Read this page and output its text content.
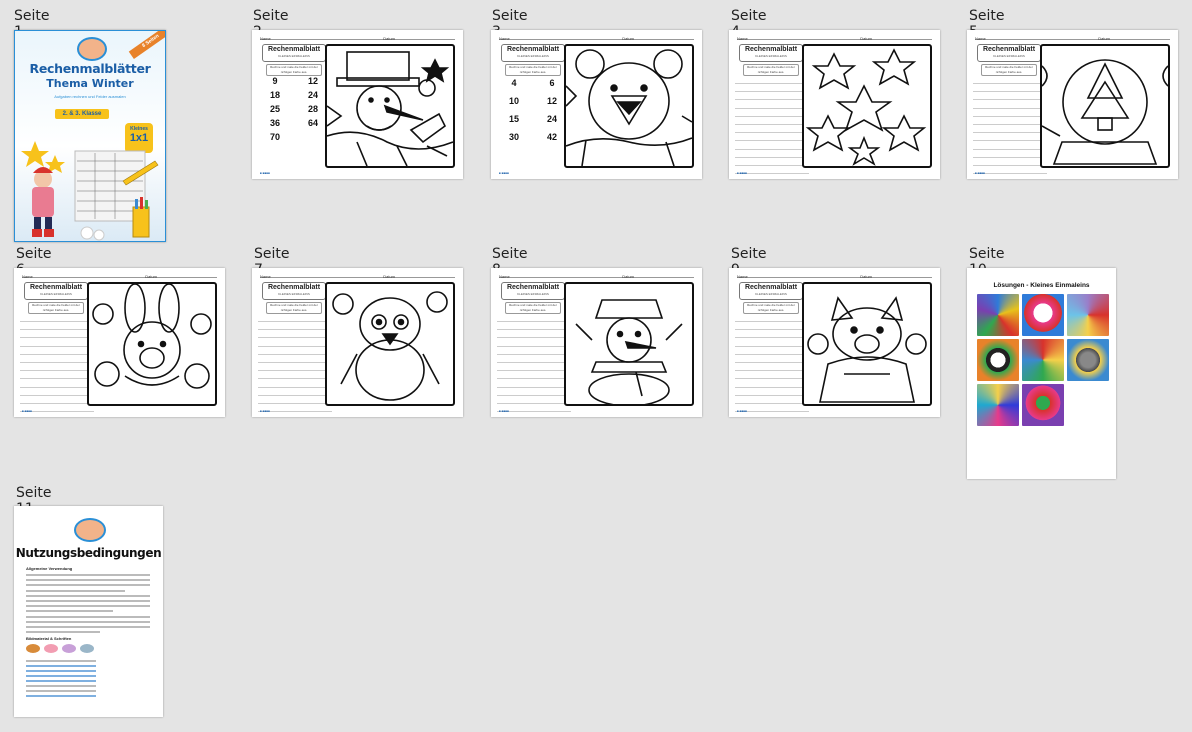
Seite
8 Seiten
Rechenmalblätter
Thema Winter
Aufgaben rechnen und Felder ausmalen
2. & 3. Klasse
Kleines
1x1
Seite
Name	Datum
Rechenmalblatt
KLEINES EINMALEINS
Rechne und male die Felder mit der richtigen Farbe aus.
9	12
18	24
25	28
36	64
70
■ ■■■■
Seite
Name	Datum
Rechenmalblatt
KLEINES EINMALEINS
Rechne und male die Felder mit der richtigen Farbe aus.
4	6
10	12
15	24
30	42
■ ■■■■
Seite
Name	Datum
Rechenmalblatt
KLEINES EINMALEINS
Rechne und male die Felder mit der richtigen Farbe aus.
■ ■■■■
Seite
Name	Datum
Rechenmalblatt
KLEINES EINMALEINS
Rechne und male die Felder mit der richtigen Farbe aus.
■ ■■■■
Seite
Name	Datum
Rechenmalblatt
KLEINES EINMALEINS
Rechne und male die Felder mit der richtigen Farbe aus.
■ ■■■■
Seite
Name	Datum
Rechenmalblatt
KLEINES EINMALEINS
Rechne und male die Felder mit der richtigen Farbe aus.
■ ■■■■
Seite
Name	Datum
Rechenmalblatt
KLEINES EINMALEINS
Rechne und male die Felder mit der richtigen Farbe aus.
■ ■■■■
Seite
Name	Datum
Rechenmalblatt
KLEINES EINMALEINS
Rechne und male die Felder mit der richtigen Farbe aus.
■ ■■■■
Seite
Lösungen - Kleines Einmaleins
Seite
Nutzungsbedingungen
Allgemeine Verwendung
Bildmaterial & Schriften
